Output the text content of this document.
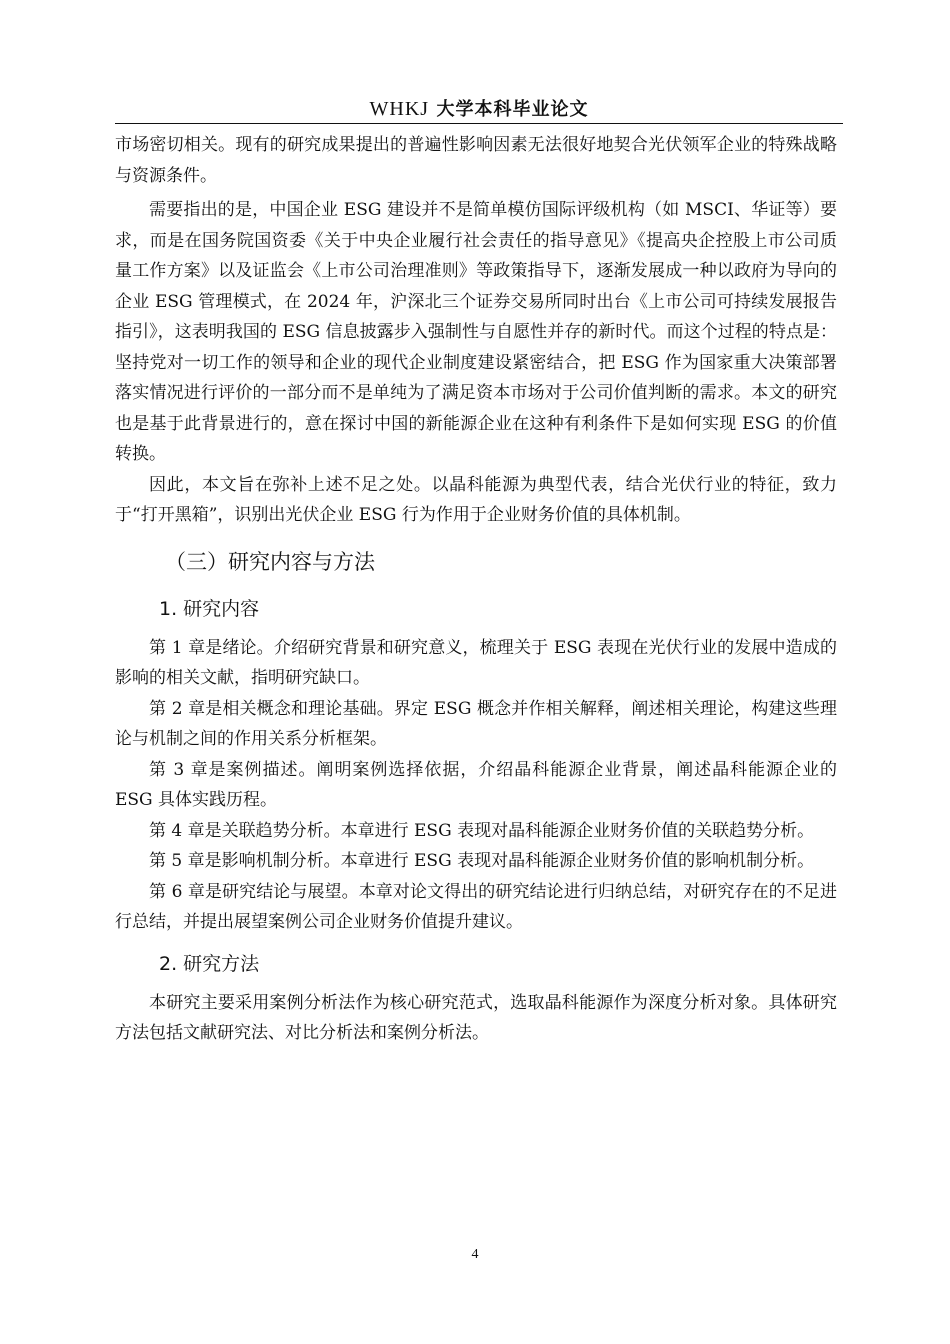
WHKJ 大学本科毕业论文

市场密切相关。现有的研究成果提出的普遍性影响因素无法很好地契合光伏领军企业的特殊战略与资源条件。

需要指出的是，中国企业 ESG 建设并不是简单模仿国际评级机构（如 MSCI、华证等）要求，而是在国务院国资委《关于中央企业履行社会责任的指导意见》《提高央企控股上市公司质量工作方案》以及证监会《上市公司治理准则》等政策指导下，逐渐发展成一种以政府为导向的企业 ESG 管理模式，在 2024 年，沪深北三个证券交易所同时出台《上市公司可持续发展报告指引》，这表明我国的 ESG 信息披露步入强制性与自愿性并存的新时代。而这个过程的特点是：坚持党对一切工作的领导和企业的现代企业制度建设紧密结合，把 ESG 作为国家重大决策部署落实情况进行评价的一部分而不是单纯为了满足资本市场对于公司价值判断的需求。本文的研究也是基于此背景进行的，意在探讨中国的新能源企业在这种有利条件下是如何实现 ESG 的价值转换。

因此，本文旨在弥补上述不足之处。以晶科能源为典型代表，结合光伏行业的特征，致力于“打开黑箱”，识别出光伏企业 ESG 行为作用于企业财务价值的具体机制。

（三）研究内容与方法
1. 研究内容

第 1 章是绪论。介绍研究背景和研究意义，梳理关于 ESG 表现在光伏行业的发展中造成的影响的相关文献，指明研究缺口。

第 2 章是相关概念和理论基础。界定 ESG 概念并作相关解释，阐述相关理论，构建这些理论与机制之间的作用关系分析框架。

第 3 章是案例描述。阐明案例选择依据，介绍晶科能源企业背景，阐述晶科能源企业的 ESG 具体实践历程。

第 4 章是关联趋势分析。本章进行 ESG 表现对晶科能源企业财务价值的关联趋势分析。

第 5 章是影响机制分析。本章进行 ESG 表现对晶科能源企业财务价值的影响机制分析。

第 6 章是研究结论与展望。本章对论文得出的研究结论进行归纳总结，对研究存在的不足进行总结，并提出展望案例公司企业财务价值提升建议。

2. 研究方法

本研究主要采用案例分析法作为核心研究范式，选取晶科能源作为深度分析对象。具体研究方法包括文献研究法、对比分析法和案例分析法。

4
